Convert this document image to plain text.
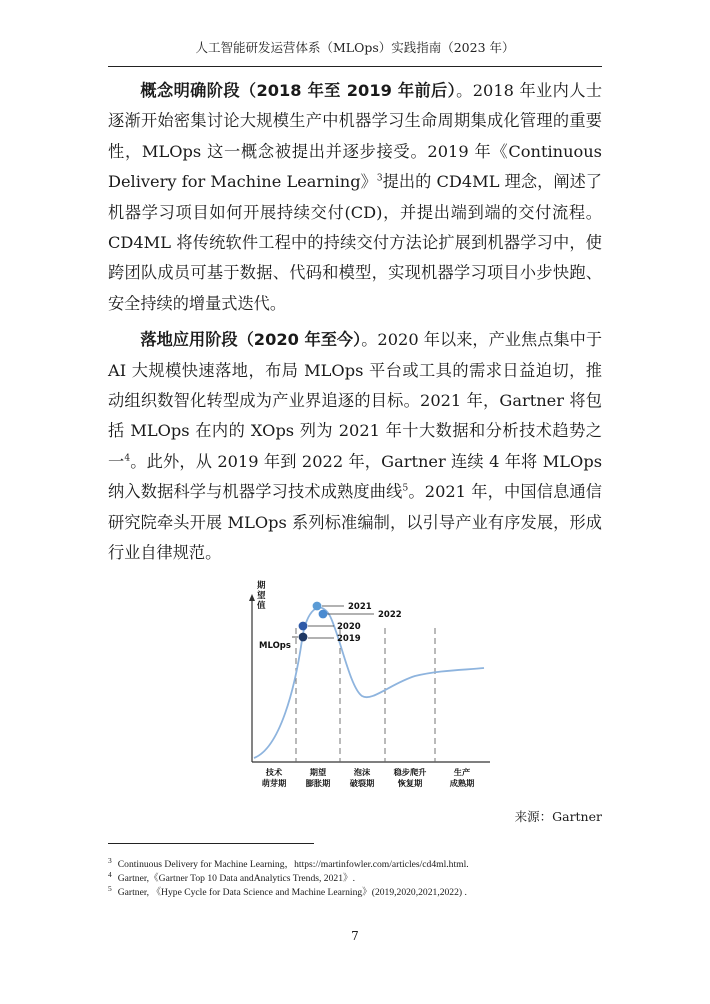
人工智能研发运营体系（MLOps）实践指南（2023 年）

概念明确阶段（2018 年至 2019 年前后）。2018 年业内人士逐渐开始密集讨论大规模生产中机器学习生命周期集成化管理的重要性，MLOps 这一概念被提出并逐步接受。2019 年《Continuous Delivery for Machine Learning》$^3$提出的 CD4ML 理念，阐述了机器学习项目如何开展持续交付(CD)，并提出端到端的交付流程。CD4ML 将传统软件工程中的持续交付方法论扩展到机器学习中，使跨团队成员可基于数据、代码和模型，实现机器学习项目小步快跑、安全持续的增量式迭代。

落地应用阶段（2020 年至今）。2020 年以来，产业焦点集中于 AI 大规模快速落地，布局 MLOps 平台或工具的需求日益迫切，推动组织数智化转型成为产业界追逐的目标。2021 年，Gartner 将包括 MLOps 在内的 XOps 列为 2021 年十大数据和分析技术趋势之一$^4$。此外，从 2019 年到 2022 年，Gartner 连续 4 年将 MLOps 纳入数据科学与机器学习技术成熟度曲线$^5$。2021 年，中国信息通信研究院牵头开展 MLOps 系列标准编制，以引导产业有序发展，形成行业自律规范。

期 望 值	2021
2022
2020
2019
MLOps
技术
萌芽期
期望
膨胀期
泡沫
破裂期
稳步爬升
恢复期
生产
成熟期
来源：Gartner
$^3$ Continuous Delivery for Machine Learning，https://martinfowler.com/articles/cd4ml.html.
$^4$ Gartner,《Gartner Top 10 Data andAnalytics Trends, 2021》.
$^5$ Gartner, 《Hype Cycle for Data Science and Machine Learning》(2019,2020,2021,2022) .
7
